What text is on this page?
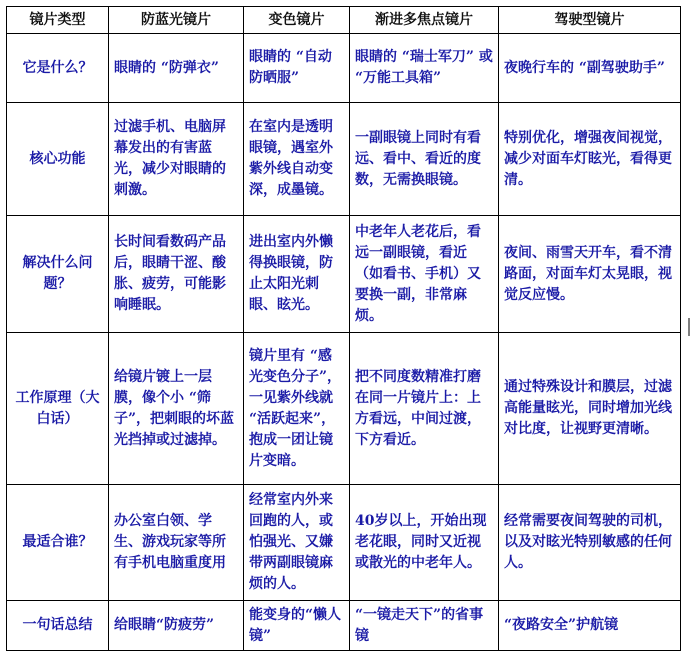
镜片类型	防蓝光镜片	变色镜片	渐进多焦点镜片	驾驶型镜片
它是什么？	眼睛的 “防弹衣”	眼睛的 “自动防晒服”	眼睛的 “瑞士军刀” 或 “万能工具箱”	夜晚行车的 “副驾驶助手”
核心功能	过滤手机、电脑屏幕发出的有害蓝光，减少对眼睛的刺激。	在室内是透明眼镜，遇室外紫外线自动变深，成墨镜。	一副眼镜上同时有看远、看中、看近的度数，无需换眼镜。	特别优化，增强夜间视觉，减少对面车灯眩光，看得更清。
解决什么问题？	长时间看数码产品后，眼睛干涩、酸胀、疲劳，可能影响睡眠。	进出室内外懒得换眼镜，防止太阳光刺眼、眩光。	中老年人老花后，看远一副眼镜，看近（如看书、手机）又要换一副，非常麻烦。	夜间、雨雪天开车，看不清路面，对面车灯太晃眼，视觉反应慢。
工作原理（大白话）	给镜片镀上一层膜，像个小 “筛子”，把刺眼的坏蓝光挡掉或过滤掉。	镜片里有 “感光变色分子”，一见紫外线就 “活跃起来”，抱成一团让镜片变暗。	把不同度数精准打磨在同一片镜片上：上方看远，中间过渡，下方看近。	通过特殊设计和膜层，过滤高能量眩光，同时增加光线对比度，让视野更清晰。
最适合谁？	办公室白领、学生、游戏玩家等所有手机电脑重度用	经常室内外来回跑的人，或怕强光、又嫌带两副眼镜麻烦的人。	40岁以上，开始出现老花眼，同时又近视或散光的中老年人。	经常需要夜间驾驶的司机，以及对眩光特别敏感的任何人。
一句话总结	给眼睛“防疲劳”	能变身的“懒人镜”	“一镜走天下”的省事镜	“夜路安全”护航镜
